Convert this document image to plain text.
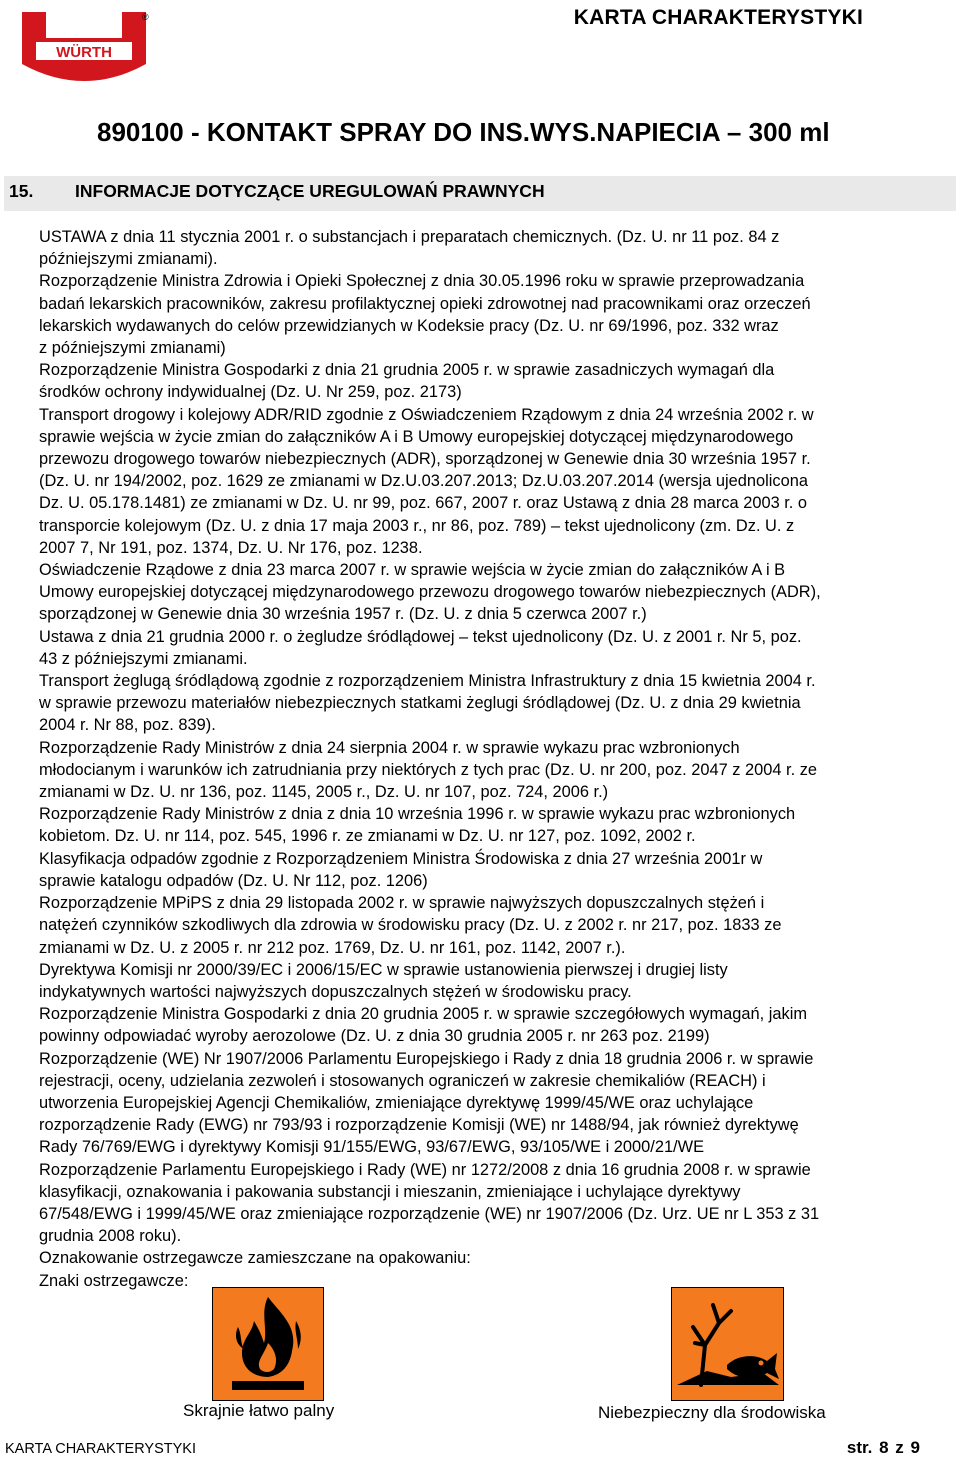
WÜRTH
®	KARTA CHARAKTERYSTYKI
890100 - KONTAKT SPRAY DO INS.WYS.NAPIECIA – 300 ml
15. INFORMACJE DOTYCZĄCE UREGULOWAŃ PRAWNYCH
USTAWA z dnia 11 stycznia 2001 r. o substancjach i preparatach chemicznych. (Dz. U. nr 11 poz. 84 z
późniejszymi zmianami).
Rozporządzenie Ministra Zdrowia i Opieki Społecznej z dnia 30.05.1996 roku w sprawie przeprowadzania
badań lekarskich pracowników, zakresu profilaktycznej opieki zdrowotnej nad pracownikami oraz orzeczeń
lekarskich wydawanych do celów przewidzianych w Kodeksie pracy (Dz. U. nr 69/1996, poz. 332 wraz
z późniejszymi zmianami)
Rozporządzenie Ministra Gospodarki z dnia 21 grudnia 2005 r. w sprawie zasadniczych wymagań dla
środków ochrony indywidualnej (Dz. U. Nr 259, poz. 2173)
Transport drogowy i kolejowy ADR/RID zgodnie z Oświadczeniem Rządowym z dnia 24 września 2002 r. w
sprawie wejścia w życie zmian do załączników A i B Umowy europejskiej dotyczącej międzynarodowego
przewozu drogowego towarów niebezpiecznych (ADR), sporządzonej w Genewie dnia 30 września 1957 r.
(Dz. U. nr 194/2002, poz. 1629 ze zmianami w Dz.U.03.207.2013; Dz.U.03.207.2014 (wersja ujednolicona
Dz. U. 05.178.1481) ze zmianami w Dz. U. nr 99, poz. 667, 2007 r. oraz Ustawą z dnia 28 marca 2003 r. o
transporcie kolejowym (Dz. U. z dnia 17 maja 2003 r., nr 86, poz. 789) – tekst ujednolicony (zm. Dz. U. z
2007 7, Nr 191, poz. 1374, Dz. U. Nr 176, poz. 1238.
Oświadczenie Rządowe z dnia 23 marca 2007 r. w sprawie wejścia w życie zmian do załączników A i B
Umowy europejskiej dotyczącej międzynarodowego przewozu drogowego towarów niebezpiecznych (ADR),
sporządzonej w Genewie dnia 30 września 1957 r. (Dz. U. z dnia 5 czerwca 2007 r.)
Ustawa z dnia 21 grudnia 2000 r. o żegludze śródlądowej – tekst ujednolicony (Dz. U. z 2001 r. Nr 5, poz.
43 z późniejszymi zmianami.
Transport żeglugą śródlądową zgodnie z rozporządzeniem Ministra Infrastruktury z dnia 15 kwietnia 2004 r.
w sprawie przewozu materiałów niebezpiecznych statkami żeglugi śródlądowej (Dz. U. z dnia 29 kwietnia
2004 r. Nr 88, poz. 839).
Rozporządzenie Rady Ministrów z dnia 24 sierpnia 2004 r. w sprawie wykazu prac wzbronionych
młodocianym i warunków ich zatrudniania przy niektórych z tych prac (Dz. U. nr 200, poz. 2047 z 2004 r. ze
zmianami w Dz. U. nr 136, poz. 1145, 2005 r., Dz. U. nr 107, poz. 724, 2006 r.)
Rozporządzenie Rady Ministrów z dnia z dnia 10 września 1996 r. w sprawie wykazu prac wzbronionych
kobietom. Dz. U. nr 114, poz. 545, 1996 r. ze zmianami w Dz. U. nr 127, poz. 1092, 2002 r.
Klasyfikacja odpadów zgodnie z Rozporządzeniem Ministra Środowiska z dnia 27 września 2001r w
sprawie katalogu odpadów (Dz. U. Nr 112, poz. 1206)
Rozporządzenie MPiPS z dnia 29 listopada 2002 r. w sprawie najwyższych dopuszczalnych stężeń i
natężeń czynników szkodliwych dla zdrowia w środowisku pracy (Dz. U. z 2002 r. nr 217, poz. 1833 ze
zmianami w Dz. U. z 2005 r. nr 212 poz. 1769, Dz. U. nr 161, poz. 1142, 2007 r.).
Dyrektywa Komisji nr 2000/39/EC i 2006/15/EC w sprawie ustanowienia pierwszej i drugiej listy
indykatywnych wartości najwyższych dopuszczalnych stężeń w środowisku pracy.
Rozporządzenie Ministra Gospodarki z dnia 20 grudnia 2005 r. w sprawie szczegółowych wymagań, jakim
powinny odpowiadać wyroby aerozolowe (Dz. U. z dnia 30 grudnia 2005 r. nr 263 poz. 2199)
Rozporządzenie (WE) Nr 1907/2006 Parlamentu Europejskiego i Rady z dnia 18 grudnia 2006 r. w sprawie
rejestracji, oceny, udzielania zezwoleń i stosowanych ograniczeń w zakresie chemikaliów (REACH) i
utworzenia Europejskiej Agencji Chemikaliów, zmieniające dyrektywę 1999/45/WE oraz uchylające
rozporządzenie Rady (EWG) nr 793/93 i rozporządzenie Komisji (WE) nr 1488/94, jak również dyrektywę
Rady 76/769/EWG i dyrektywy Komisji 91/155/EWG, 93/67/EWG, 93/105/WE i 2000/21/WE
Rozporządzenie Parlamentu Europejskiego i Rady (WE) nr 1272/2008 z dnia 16 grudnia 2008 r. w sprawie
klasyfikacji, oznakowania i pakowania substancji i mieszanin, zmieniające i uchylające dyrektywy
67/548/EWG i 1999/45/WE oraz zmieniające rozporządzenie (WE) nr 1907/2006 (Dz. Urz. UE nr L 353 z 31
grudnia 2008 roku).
Oznakowanie ostrzegawcze zamieszczane na opakowaniu:
Znaki ostrzegawcze:
Skrajnie łatwo palny	Niebezpieczny dla środowiska
KARTA CHARAKTERYSTYKI	str. 8 z 9
